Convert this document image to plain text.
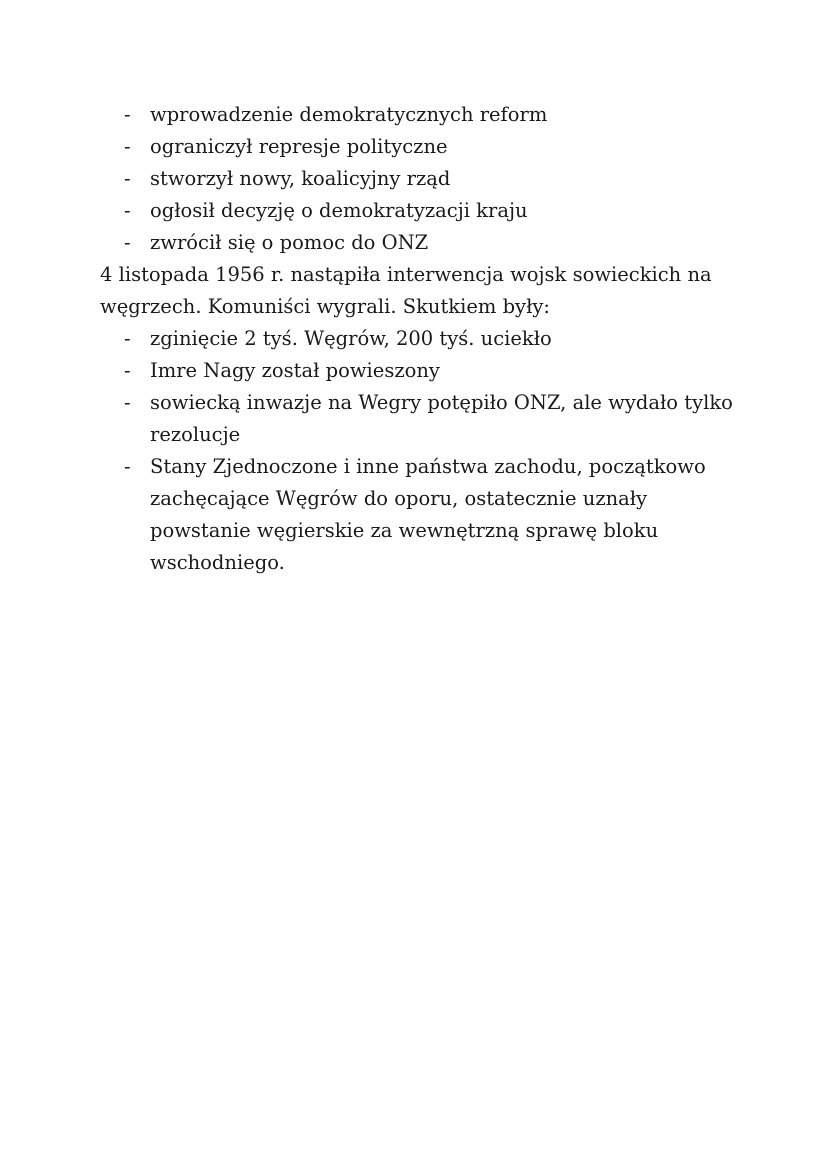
- wprowadzenie demokratycznych reform
- ograniczył represje polityczne
- stworzył nowy, koalicyjny rząd
- ogłosił decyzję o demokratyzacji kraju
- zwrócił się o pomoc do ONZ

4 listopada 1956 r. nastąpiła interwencja wojsk sowieckich na
węgrzech. Komuniści wygrali. Skutkiem były:

- zginięcie 2 tyś. Węgrów, 200 tyś. uciekło
- Imre Nagy został powieszony
- sowiecką inwazje na Wegry potępiło ONZ, ale wydało tylko rezolucje
- Stany Zjednoczone i inne państwa zachodu, początkowo zachęcające Węgrów do oporu, ostatecznie uznały powstanie węgierskie za wewnętrzną sprawę bloku wschodniego.
